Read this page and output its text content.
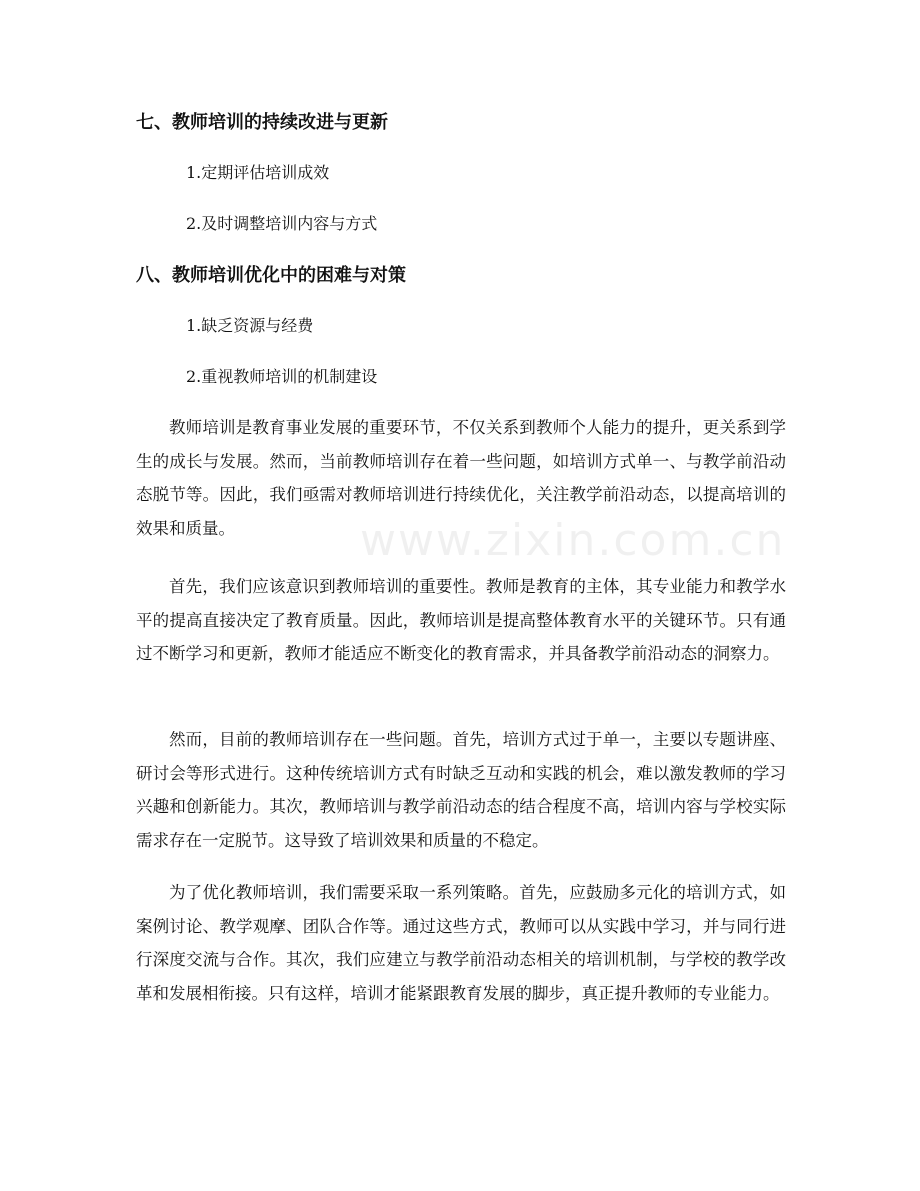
七、教师培训的持续改进与更新

1.定期评估培训成效

2.及时调整培训内容与方式

八、教师培训优化中的困难与对策

1.缺乏资源与经费

2.重视教师培训的机制建设

教师培训是教育事业发展的重要环节，不仅关系到教师个人能力的提升，更关系到学生的成长与发展。然而，当前教师培训存在着一些问题，如培训方式单一、与教学前沿动态脱节等。因此，我们亟需对教师培训进行持续优化，关注教学前沿动态，以提高培训的效果和质量。

首先，我们应该意识到教师培训的重要性。教师是教育的主体，其专业能力和教学水平的提高直接决定了教育质量。因此，教师培训是提高整体教育水平的关键环节。只有通过不断学习和更新，教师才能适应不断变化的教育需求，并具备教学前沿动态的洞察力。

然而，目前的教师培训存在一些问题。首先，培训方式过于单一，主要以专题讲座、研讨会等形式进行。这种传统培训方式有时缺乏互动和实践的机会，难以激发教师的学习兴趣和创新能力。其次，教师培训与教学前沿动态的结合程度不高，培训内容与学校实际需求存在一定脱节。这导致了培训效果和质量的不稳定。

为了优化教师培训，我们需要采取一系列策略。首先，应鼓励多元化的培训方式，如案例讨论、教学观摩、团队合作等。通过这些方式，教师可以从实践中学习，并与同行进行深度交流与合作。其次，我们应建立与教学前沿动态相关的培训机制，与学校的教学改革和发展相衔接。只有这样，培训才能紧跟教育发展的脚步，真正提升教师的专业能力。

www.zixin.com.cn
